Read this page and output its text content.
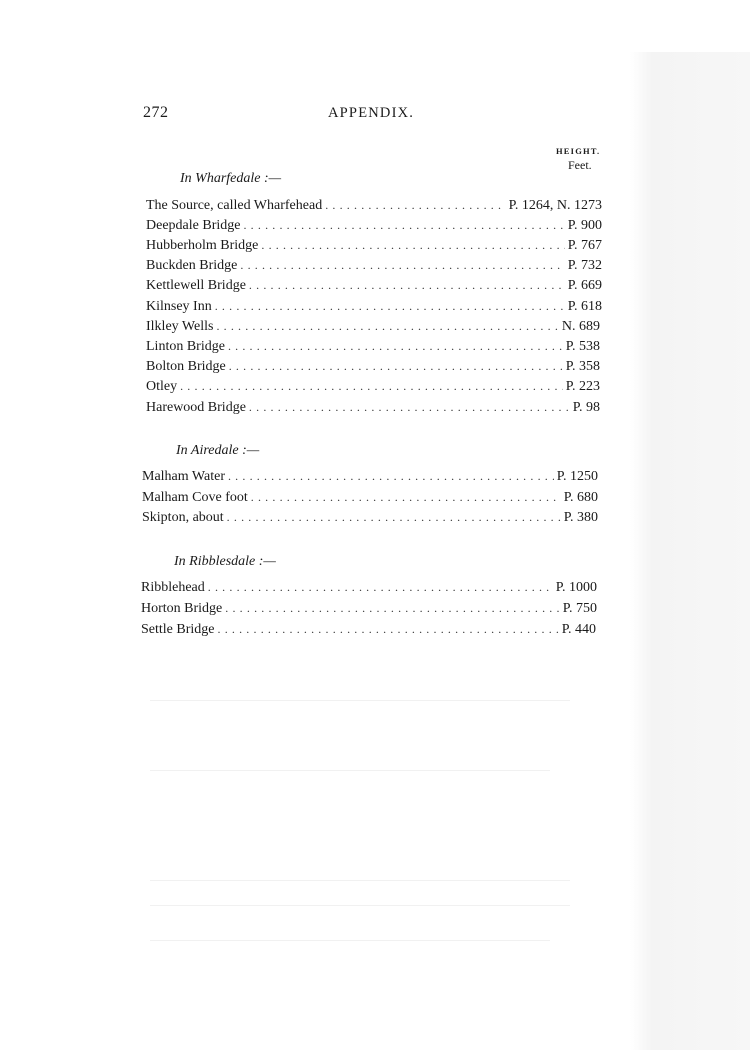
272	APPENDIX.
HEIGHT.
Feet.
In Wharfedale :—
The Source, called Wharfehead . . .	P. 1264, N. 1273
Deepdale Bridge . . .	P. 900
Hubberholm Bridge . . .	P. 767
Buckden Bridge . . .	P. 732
Kettlewell Bridge . . .	P. 669
Kilnsey Inn . . .	P. 618
Ilkley Wells . . .	N. 689
Linton Bridge . . .	P. 538
Bolton Bridge . . .	P. 358
Otley . . .	P. 223
Harewood Bridge . . .	P. 98
In Airedale :—
Malham Water . . .	P. 1250
Malham Cove foot . . .	P. 680
Skipton, about . . .	P. 380
In Ribblesdale :—
Ribblehead . . .	P. 1000
Horton Bridge . . .	P. 750
Settle Bridge . . .	P. 440
